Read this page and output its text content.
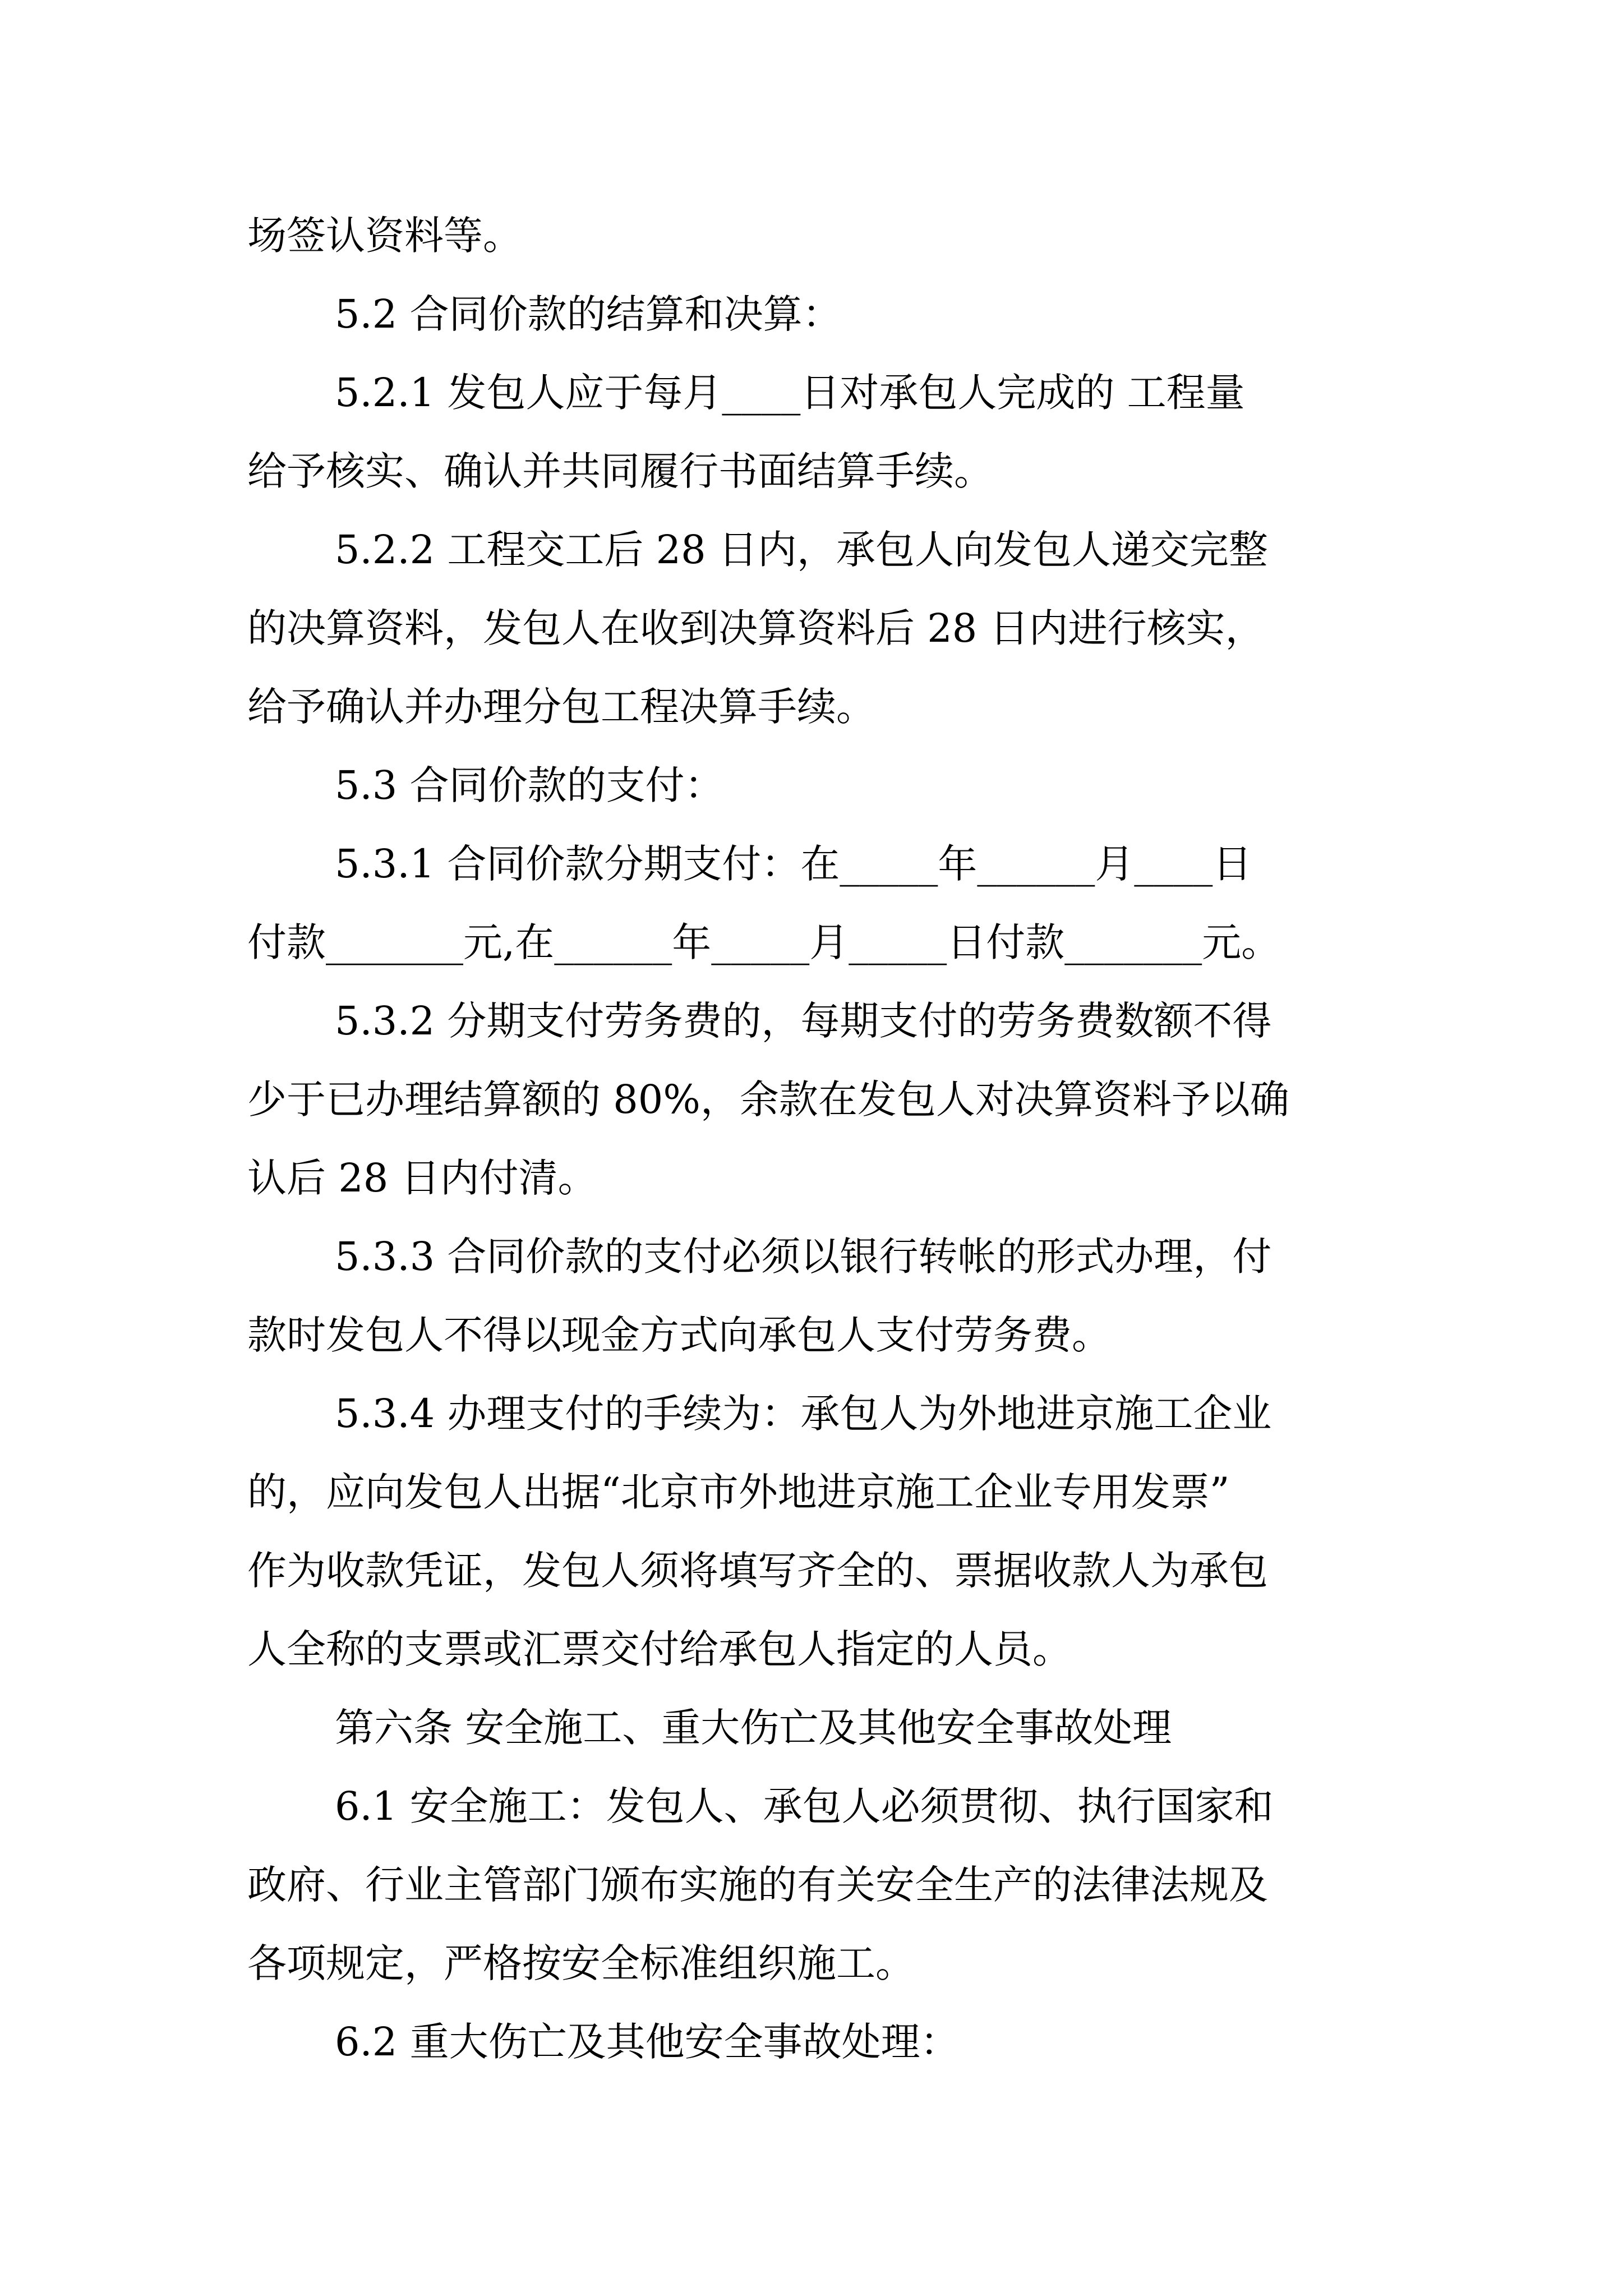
场签认资料等。
5.2 合同价款的结算和决算：
5.2.1 发包人应于每月____日对承包人完成的 工程量
给予核实、确认并共同履行书面结算手续。
5.2.2 工程交工后 28 日内，承包人向发包人递交完整
的决算资料，发包人在收到决算资料后 28 日内进行核实，
给予确认并办理分包工程决算手续。
5.3 合同价款的支付：
5.3.1 合同价款分期支付：在_____年______月____日
付款_______元,在______年_____月_____日付款_______元。
5.3.2 分期支付劳务费的，每期支付的劳务费数额不得
少于已办理结算额的 80%，余款在发包人对决算资料予以确
认后 28 日内付清。
5.3.3 合同价款的支付必须以银行转帐的形式办理，付
款时发包人不得以现金方式向承包人支付劳务费。
5.3.4 办理支付的手续为：承包人为外地进京施工企业
的，应向发包人出据“北京市外地进京施工企业专用发票”
作为收款凭证，发包人须将填写齐全的、票据收款人为承包
人全称的支票或汇票交付给承包人指定的人员。
第六条 安全施工、重大伤亡及其他安全事故处理
6.1 安全施工：发包人、承包人必须贯彻、执行国家和
政府、行业主管部门颁布实施的有关安全生产的法律法规及
各项规定，严格按安全标准组织施工。
6.2 重大伤亡及其他安全事故处理：
